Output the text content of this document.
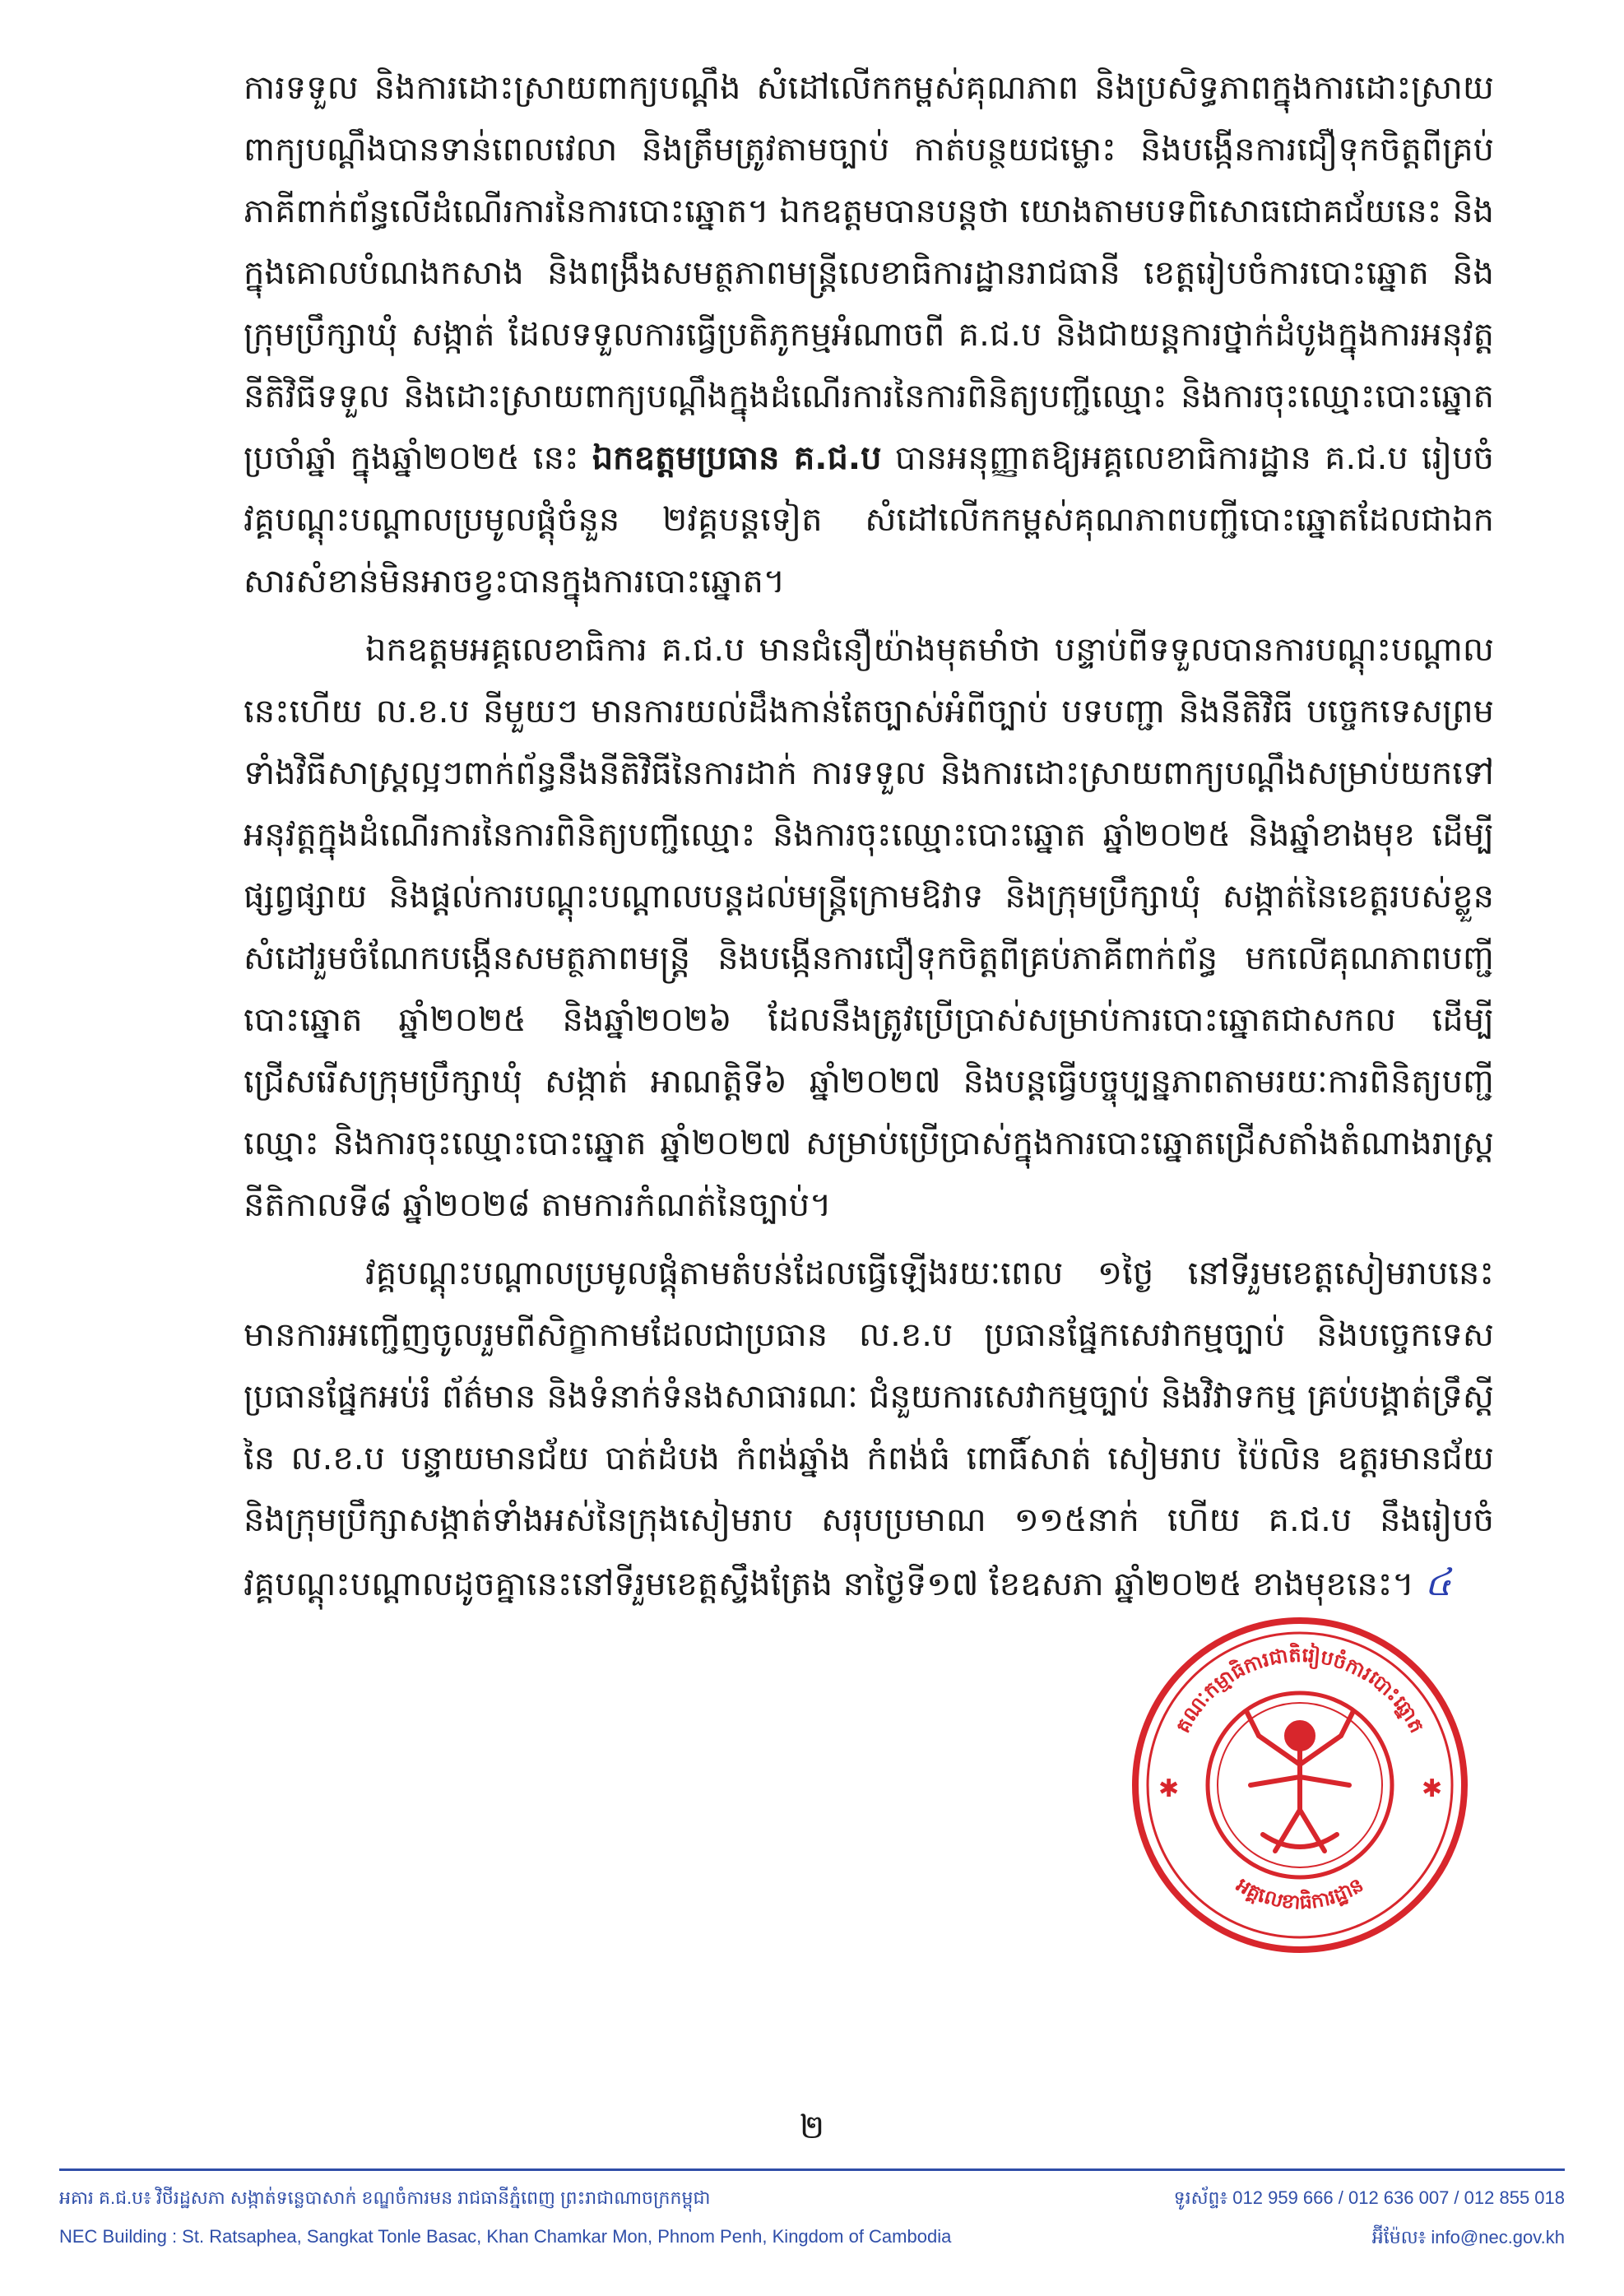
ការទទួល និងការដោះស្រាយពាក្យបណ្តឹង សំដៅលើកកម្ពស់គុណភាព និងប្រសិទ្ធភាពក្នុងការដោះស្រាយពាក្យបណ្តឹងបានទាន់ពេលវេលា និងត្រឹមត្រូវតាមច្បាប់ កាត់បន្ថយជម្លោះ និងបង្កើនការជឿទុកចិត្តពីគ្រប់ភាគីពាក់ព័ន្ធលើដំណើរការនៃការបោះឆ្នោត។ ឯកឧត្តមបានបន្តថា យោងតាមបទពិសោធជោគជ័យនេះ និងក្នុងគោលបំណងកសាង និងពង្រឹងសមត្ថភាពមន្ត្រីលេខាធិការដ្ឋានរាជធានី ខេត្តរៀបចំការបោះឆ្នោត និងក្រុមប្រឹក្សាឃុំ សង្កាត់ ដែលទទួលការធ្វើប្រតិភូកម្មអំណាចពី គ.ជ.ប និងជាយន្តការថ្នាក់ដំបូងក្នុងការអនុវត្តនីតិវិធីទទួល និងដោះស្រាយពាក្យបណ្តឹងក្នុងដំណើរការនៃការពិនិត្យបញ្ជីឈ្មោះ និងការចុះឈ្មោះបោះឆ្នោតប្រចាំឆ្នាំ ក្នុងឆ្នាំ២០២៥ នេះ ឯកឧត្តមប្រធាន គ.ជ.ប បានអនុញ្ញាតឱ្យអគ្គលេខាធិការដ្ឋាន គ.ជ.ប រៀបចំវគ្គបណ្តុះបណ្តាលប្រមូលផ្តុំចំនួន ២វគ្គបន្តទៀត សំដៅលើកកម្ពស់គុណភាពបញ្ជីបោះឆ្នោតដែលជាឯកសារសំខាន់មិនអាចខ្វះបានក្នុងការបោះឆ្នោត។

ឯកឧត្តមអគ្គលេខាធិការ គ.ជ.ប មានជំនឿយ៉ាងមុតមាំថា បន្ទាប់ពីទទួលបានការបណ្តុះបណ្តាលនេះហើយ ល.ខ.ប នីមួយៗ មានការយល់ដឹងកាន់តែច្បាស់អំពីច្បាប់ បទបញ្ជា និងនីតិវិធី បច្ចេកទេសព្រមទាំងវិធីសាស្រ្តល្អៗពាក់ព័ន្ធនឹងនីតិវិធីនៃការដាក់ ការទទួល និងការដោះស្រាយពាក្យបណ្តឹងសម្រាប់យកទៅអនុវត្តក្នុងដំណើរការនៃការពិនិត្យបញ្ជីឈ្មោះ និងការចុះឈ្មោះបោះឆ្នោត ឆ្នាំ២០២៥ និងឆ្នាំខាងមុខ ដើម្បីផ្សព្វផ្សាយ និងផ្តល់ការបណ្តុះបណ្តាលបន្តដល់មន្ត្រីក្រោមឱវាទ និងក្រុមប្រឹក្សាឃុំ សង្កាត់នៃខេត្តរបស់ខ្លួន សំដៅរួមចំណែកបង្កើនសមត្ថភាពមន្ត្រី និងបង្កើនការជឿទុកចិត្តពីគ្រប់ភាគីពាក់ព័ន្ធ មកលើគុណភាពបញ្ជីបោះឆ្នោត ឆ្នាំ២០២៥ និងឆ្នាំ២០២៦ ដែលនឹងត្រូវប្រើប្រាស់សម្រាប់ការបោះឆ្នោតជាសកល ដើម្បីជ្រើសរើសក្រុមប្រឹក្សាឃុំ សង្កាត់ អាណត្តិទី៦ ឆ្នាំ២០២៧ និងបន្តធ្វើបច្ចុប្បន្នភាពតាមរយៈការពិនិត្យបញ្ជីឈ្មោះ និងការចុះឈ្មោះបោះឆ្នោត ឆ្នាំ២០២៧ សម្រាប់ប្រើប្រាស់ក្នុងការបោះឆ្នោតជ្រើសតាំងតំណាងរាស្រ្ត នីតិកាលទី៨ ឆ្នាំ២០២៨ តាមការកំណត់នៃច្បាប់។

វគ្គបណ្តុះបណ្តាលប្រមូលផ្តុំតាមតំបន់ដែលធ្វើឡើងរយៈពេល ១ថ្ងៃ នៅទីរួមខេត្តសៀមរាបនេះ មានការអញ្ជើញចូលរួមពីសិក្ខាកាមដែលជាប្រធាន ល.ខ.ប ប្រធានផ្នែកសេវាកម្មច្បាប់ និងបច្ចេកទេស ប្រធានផ្នែកអប់រំ ព័ត៌មាន និងទំនាក់ទំនងសាធារណៈ ជំនួយការសេវាកម្មច្បាប់ និងវិវាទកម្ម គ្រប់បង្គាត់ទ្រឹស្តីនៃ ល.ខ.ប បន្ទាយមានជ័យ បាត់ដំបង កំពង់ឆ្នាំង កំពង់ធំ ពោធិ៍សាត់ សៀមរាប ប៉ៃលិន ឧត្តរមានជ័យ និងក្រុមប្រឹក្សាសង្កាត់ទាំងអស់នៃក្រុងសៀមរាប សរុបប្រមាណ ១១៥នាក់ ហើយ គ.ជ.ប នឹងរៀបចំវគ្គបណ្តុះបណ្តាលដូចគ្នានេះនៅទីរួមខេត្តស្ទឹងត្រែង នាថ្ងៃទី១៧ ខែឧសភា ឆ្នាំ២០២៥ ខាងមុខនេះ។ ៤

គណៈកម្មាធិការជាតិរៀបចំការបោះឆ្នោត
អគ្គលេខាធិការដ្ឋាន
✱	✱
២
អគារ គ.ជ.ប៖ វិថីរដ្ឋសភា សង្កាត់ទន្លេបាសាក់ ខណ្ឌចំការមន រាជធានីភ្នំពេញ ព្រះរាជាណាចក្រកម្ពុជា	ទូរស័ព្ទ៖ 012 959 666 / 012 636 007 / 012 855 018
NEC Building : St. Ratsaphea, Sangkat Tonle Basac, Khan Chamkar Mon, Phnom Penh, Kingdom of Cambodia	អ៊ីម៉ែល៖ info@nec.gov.kh
